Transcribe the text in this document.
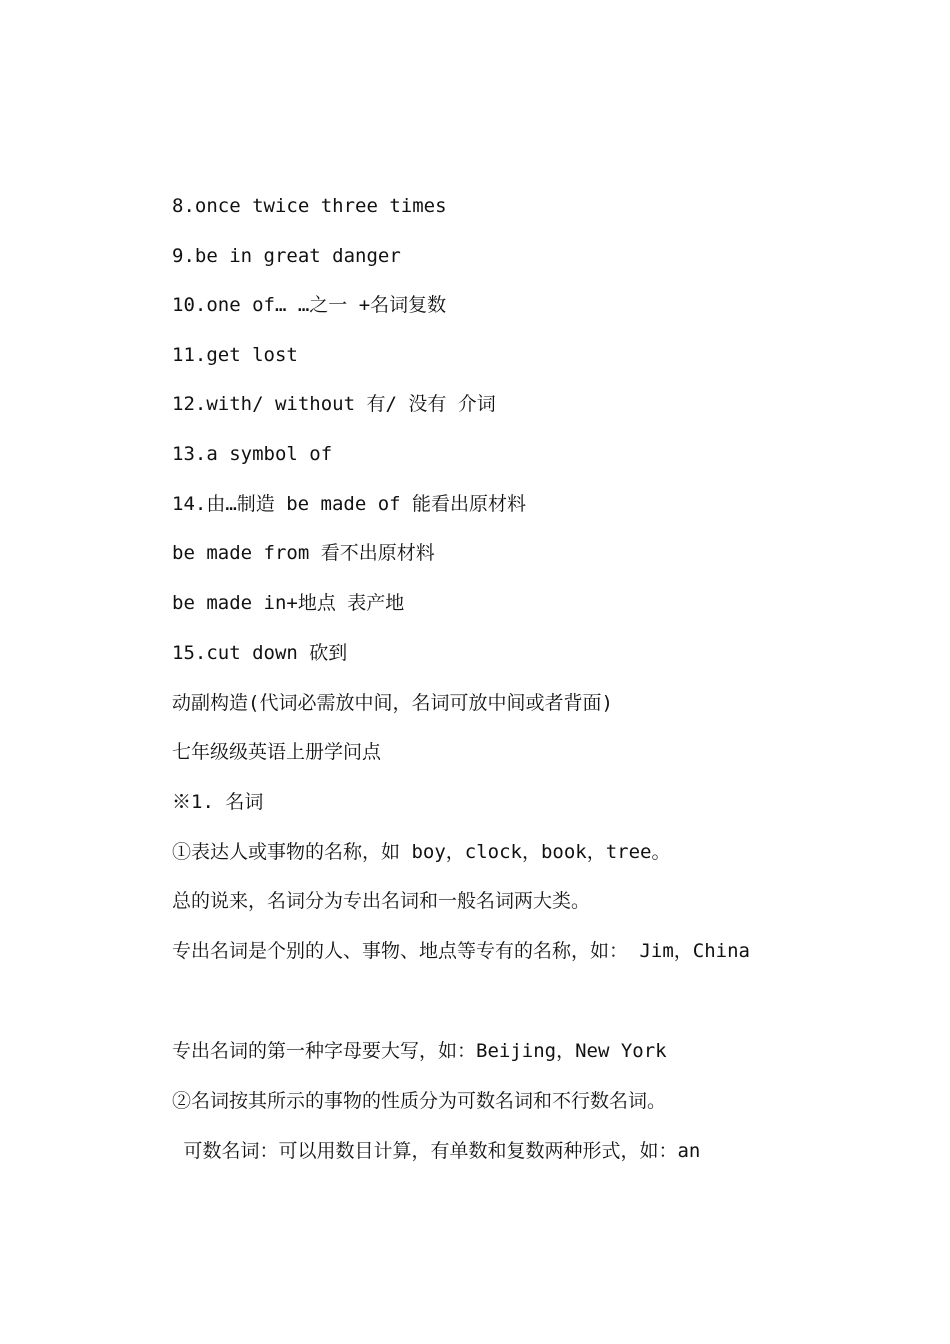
8.once twice three times
9.be in great danger
10.one of… …之一 +名词复数
11.get lost
12.with/ without 有/ 没有 介词
13.a symbol of
14.由…制造 be made of 能看出原材料
be made from 看不出原材料
be made in+地点 表产地
15.cut down 砍到
动副构造(代词必需放中间，名词可放中间或者背面)
七年级级英语上册学问点
※1. 名词
①表达人或事物的名称，如 boy，clock，book，tree。
总的说来，名词分为专出名词和一般名词两大类。
专出名词是个别的人、事物、地点等专有的名称，如： Jim，China
专出名词的第一种字母要大写，如：Beijing，New York
②名词按其所示的事物的性质分为可数名词和不行数名词。
可数名词：可以用数目计算，有单数和复数两种形式，如：an
